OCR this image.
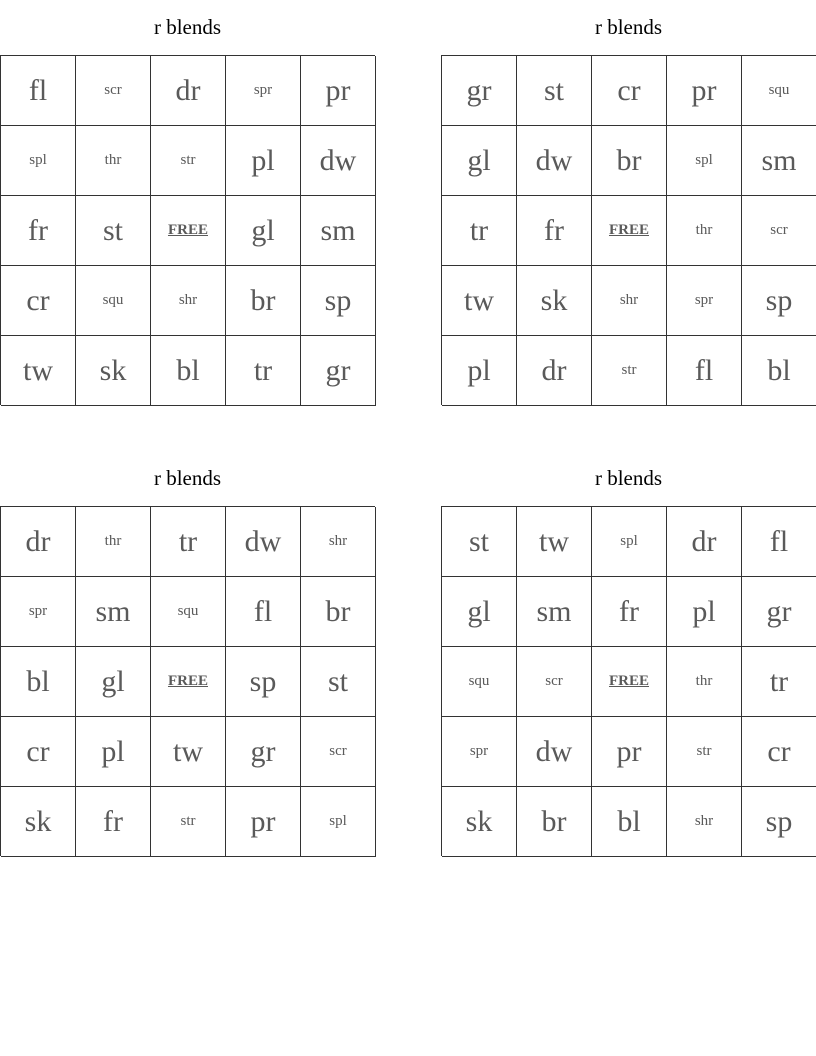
r blends
fl	scr	dr	spr	pr
spl	thr	str	pl	dw
fr	st	FREE	gl	sm
cr	squ	shr	br	sp
tw	sk	bl	tr	gr
r blends
gr	st	cr	pr	squ
gl	dw	br	spl	sm
tr	fr	FREE	thr	scr
tw	sk	shr	spr	sp
pl	dr	str	fl	bl
r blends
dr	thr	tr	dw	shr
spr	sm	squ	fl	br
bl	gl	FREE	sp	st
cr	pl	tw	gr	scr
sk	fr	str	pr	spl
r blends
st	tw	spl	dr	fl
gl	sm	fr	pl	gr
squ	scr	FREE	thr	tr
spr	dw	pr	str	cr
sk	br	bl	shr	sp
